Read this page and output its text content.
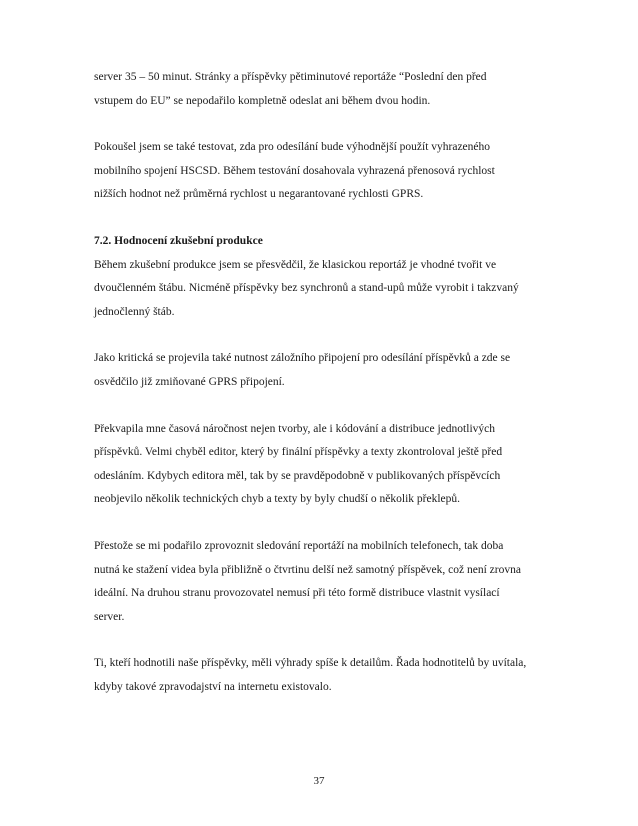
server 35 – 50 minut. Stránky a příspěvky pětiminutové reportáže “Poslední den před
vstupem do EU” se nepodařilo kompletně odeslat ani během dvou hodin.
Pokoušel jsem se také testovat, zda pro odesílání bude výhodnější použít vyhrazeného
mobilního spojení HSCSD. Během testování dosahovala vyhrazená přenosová rychlost
nižších hodnot než průměrná rychlost u negarantované rychlosti GPRS.
7.2. Hodnocení zkušební produkce
Během zkušební produkce jsem se přesvědčil, že klasickou reportáž je vhodné tvořit ve
dvoučlenném štábu. Nicméně příspěvky bez synchronů a stand-upů může vyrobit i takzvaný
jednočlenný štáb.
Jako kritická se projevila také nutnost záložního připojení pro odesílání příspěvků a zde se
osvědčilo již zmiňované GPRS připojení.
Překvapila mne časová náročnost nejen tvorby, ale i kódování a distribuce jednotlivých
příspěvků. Velmi chyběl editor, který by finální příspěvky a texty zkontroloval ještě před
odesláním. Kdybych editora měl, tak by se pravděpodobně v publikovaných příspěvcích
neobjevilo několik technických chyb a texty by byly chudší o několik překlepů.
Přestože se mi podařilo zprovoznit sledování reportáží na mobilních telefonech, tak doba
nutná ke stažení videa byla přibližně o čtvrtinu delší než samotný příspěvek, což není zrovna
ideální. Na druhou stranu provozovatel nemusí při této formě distribuce vlastnit vysílací
server.
Ti, kteří hodnotili naše příspěvky, měli výhrady spíše k detailům. Řada hodnotitelů by uvítala,
kdyby takové zpravodajství na internetu existovalo.
37
